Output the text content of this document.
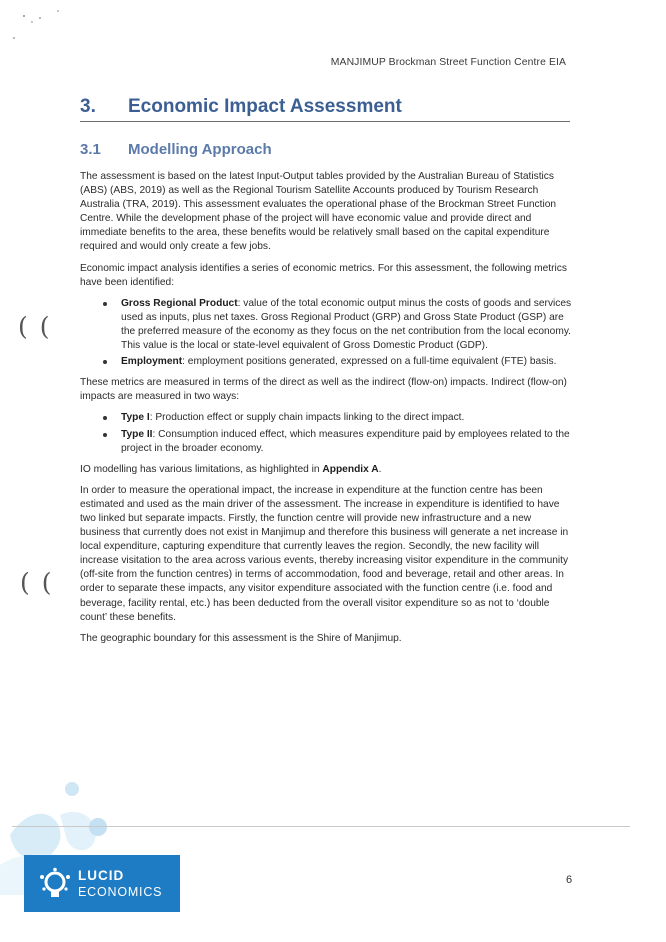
MANJIMUP Brockman Street Function Centre EIA
3. Economic Impact Assessment
3.1 Modelling Approach

The assessment is based on the latest Input-Output tables provided by the Australian Bureau of Statistics (ABS) (ABS, 2019) as well as the Regional Tourism Satellite Accounts produced by Tourism Research Australia (TRA, 2019). This assessment evaluates the operational phase of the Brockman Street Function Centre. While the development phase of the project will have economic value and provide direct and immediate benefits to the area, these benefits would be relatively small based on the capital expenditure required and would only create a few jobs.

Economic impact analysis identifies a series of economic metrics. For this assessment, the following metrics have been identified:

Gross Regional Product: value of the total economic output minus the costs of goods and services used as inputs, plus net taxes. Gross Regional Product (GRP) and Gross State Product (GSP) are the preferred measure of the economy as they focus on the net contribution from the local economy. This value is the local or state-level equivalent of Gross Domestic Product (GDP).
Employment: employment positions generated, expressed on a full-time equivalent (FTE) basis.

These metrics are measured in terms of the direct as well as the indirect (flow-on) impacts. Indirect (flow-on) impacts are measured in two ways:

Type I: Production effect or supply chain impacts linking to the direct impact.
Type II: Consumption induced effect, which measures expenditure paid by employees related to the project in the broader economy.

IO modelling has various limitations, as highlighted in Appendix A.

In order to measure the operational impact, the increase in expenditure at the function centre has been estimated and used as the main driver of the assessment. The increase in expenditure is identified to have two linked but separate impacts. Firstly, the function centre will provide new infrastructure and a new business that currently does not exist in Manjimup and therefore this business will generate a net increase in local expenditure, capturing expenditure that currently leaves the region. Secondly, the new facility will increase visitation to the area across various events, thereby increasing visitor expenditure in the community (off-site from the function centres) in terms of accommodation, food and beverage, retail and other areas. In order to separate these impacts, any visitor expenditure associated with the function centre (i.e. food and beverage, facility rental, etc.) has been deducted from the overall visitor expenditure so as not to ‘double count’ these benefits.

The geographic boundary for this assessment is the Shire of Manjimup.

( (
( (
LUCID
ECONOMICS
6
